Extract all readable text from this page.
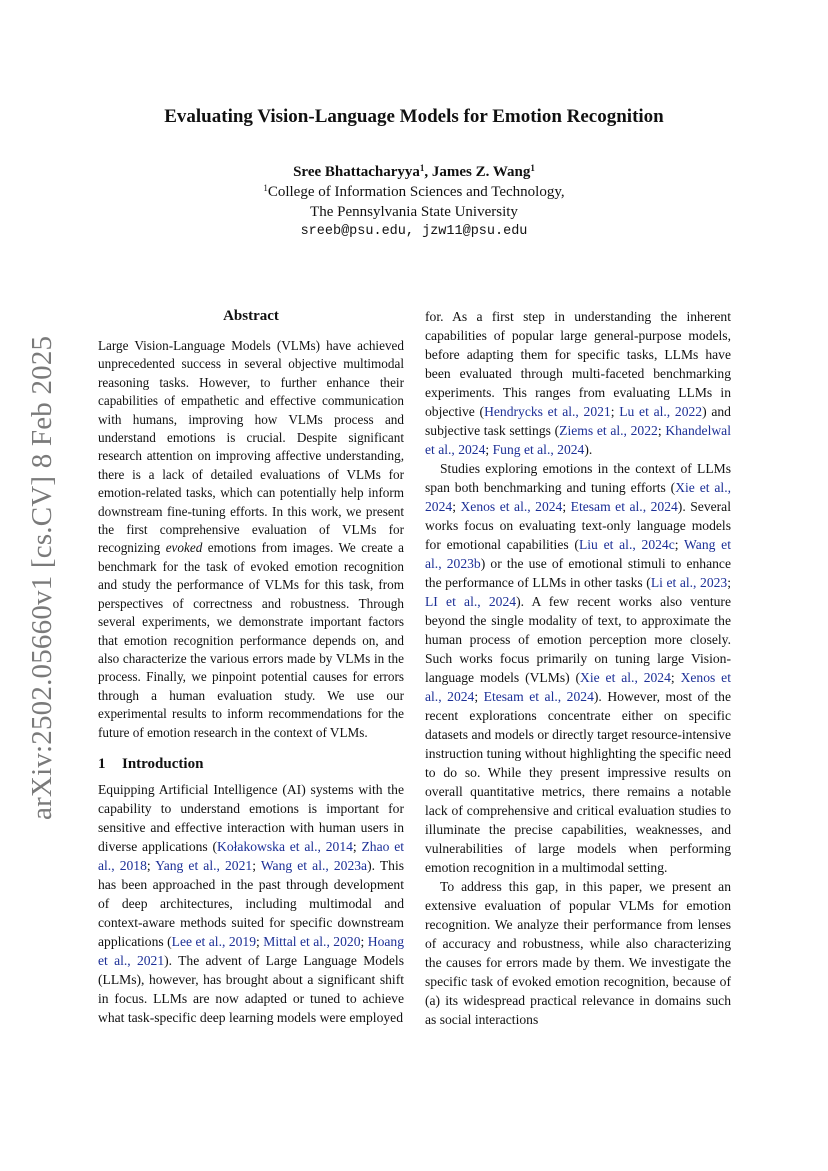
arXiv:2502.05660v1 [cs.CV] 8 Feb 2025
Evaluating Vision-Language Models for Emotion Recognition
Sree Bhattacharyya$^1$, James Z. Wang$^1$
$^1$College of Information Sciences and Technology,
The Pennsylvania State University
sreeb@psu.edu, jzw11@psu.edu
Abstract

Large Vision-Language Models (VLMs) have achieved unprecedented success in several objective multimodal reasoning tasks. However, to further enhance their capabilities of empathetic and effective communication with humans, improving how VLMs process and understand emotions is crucial. Despite significant research attention on improving affective understanding, there is a lack of detailed evaluations of VLMs for emotion-related tasks, which can potentially help inform downstream fine-tuning efforts. In this work, we present the first comprehensive evaluation of VLMs for recognizing evoked emotions from images. We create a benchmark for the task of evoked emotion recognition and study the performance of VLMs for this task, from perspectives of correctness and robustness. Through several experiments, we demonstrate important factors that emotion recognition performance depends on, and also characterize the various errors made by VLMs in the process. Finally, we pinpoint potential causes for errors through a human evaluation study. We use our experimental results to inform recommendations for the future of emotion research in the context of VLMs.

1 Introduction

Equipping Artificial Intelligence (AI) systems with the capability to understand emotions is important for sensitive and effective interaction with human users in diverse applications (Kołakowska et al., 2014; Zhao et al., 2018; Yang et al., 2021; Wang et al., 2023a). This has been approached in the past through development of deep architectures, including multimodal and context-aware methods suited for specific downstream applications (Lee et al., 2019; Mittal et al., 2020; Hoang et al., 2021). The advent of Large Language Models (LLMs), however, has brought about a significant shift in focus. LLMs are now adapted or tuned to achieve what task-specific deep learning models were employed

for. As a first step in understanding the inherent capabilities of popular large general-purpose models, before adapting them for specific tasks, LLMs have been evaluated through multi-faceted benchmarking experiments. This ranges from evaluating LLMs in objective (Hendrycks et al., 2021; Lu et al., 2022) and subjective task settings (Ziems et al., 2022; Khandelwal et al., 2024; Fung et al., 2024).

Studies exploring emotions in the context of LLMs span both benchmarking and tuning efforts (Xie et al., 2024; Xenos et al., 2024; Etesam et al., 2024). Several works focus on evaluating text-only language models for emotional capabilities (Liu et al., 2024c; Wang et al., 2023b) or the use of emotional stimuli to enhance the performance of LLMs in other tasks (Li et al., 2023; LI et al., 2024). A few recent works also venture beyond the single modality of text, to approximate the human process of emotion perception more closely. Such works focus primarily on tuning large Vision-language models (VLMs) (Xie et al., 2024; Xenos et al., 2024; Etesam et al., 2024). However, most of the recent explorations concentrate either on specific datasets and models or directly target resource-intensive instruction tuning without highlighting the specific need to do so. While they present impressive results on overall quantitative metrics, there remains a notable lack of comprehensive and critical evaluation studies to illuminate the precise capabilities, weaknesses, and vulnerabilities of large models when performing emotion recognition in a multimodal setting.

To address this gap, in this paper, we present an extensive evaluation of popular VLMs for emotion recognition. We analyze their performance from lenses of accuracy and robustness, while also characterizing the causes for errors made by them. We investigate the specific task of evoked emotion recognition, because of (a) its widespread practical relevance in domains such as social interactions
